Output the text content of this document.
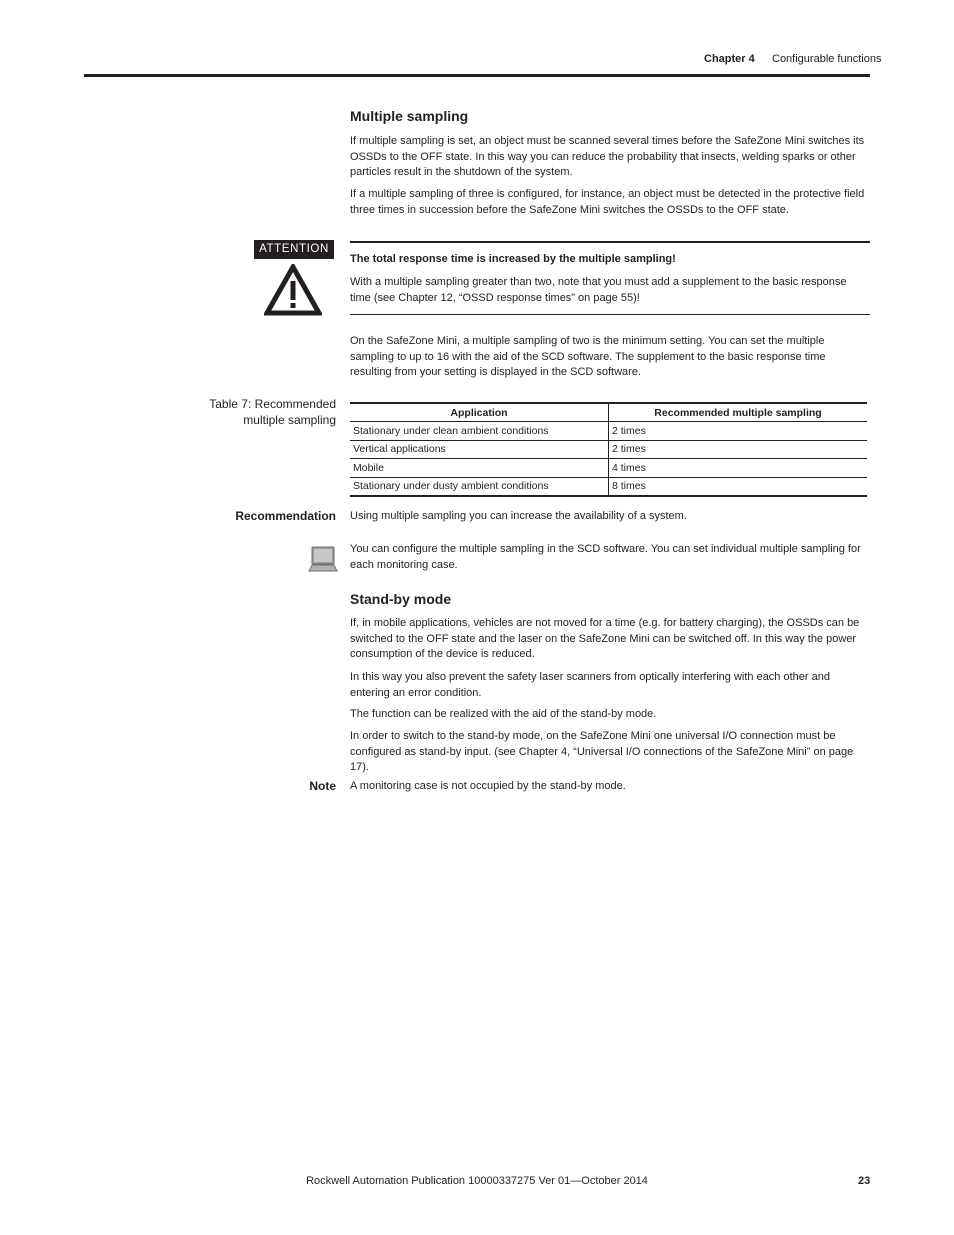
Chapter 4 Configurable functions
Multiple sampling

If multiple sampling is set, an object must be scanned several times before the SafeZone Mini switches its OSSDs to the OFF state. In this way you can reduce the probability that insects, welding sparks or other particles result in the shutdown of the system.

If a multiple sampling of three is configured, for instance, an object must be detected in the protective field three times in succession before the SafeZone Mini switches the OSSDs to the OFF state.

ATTENTION
The total response time is increased by the multiple sampling!

With a multiple sampling greater than two, note that you must add a supplement to the basic response time (see Chapter 12, “OSSD response times” on page 55)!

On the SafeZone Mini, a multiple sampling of two is the minimum setting. You can set the multiple sampling to up to 16 with the aid of the SCD software. The supplement to the basic response time resulting from your setting is displayed in the SCD software.

Table 7: Recommended
multiple sampling	Application	Recommended multiple sampling
Stationary under clean ambient conditions	2 times
Vertical applications	2 times
Mobile	4 times
Stationary under dusty ambient conditions	8 times
Recommendation Using multiple sampling you can increase the availability of a system.

You can configure the multiple sampling in the SCD software. You can set individual multiple sampling for each monitoring case.

Stand-by mode

If, in mobile applications, vehicles are not moved for a time (e.g. for battery charging), the OSSDs can be switched to the OFF state and the laser on the SafeZone Mini can be switched off. In this way the power consumption of the device is reduced.

In this way you also prevent the safety laser scanners from optically interfering with each other and entering an error condition.

The function can be realized with the aid of the stand-by mode.

In order to switch to the stand-by mode, on the SafeZone Mini one universal I/O connection must be configured as stand-by input. (see Chapter 4, “Universal I/O connections of the SafeZone Mini” on page 17).

Note A monitoring case is not occupied by the stand-by mode.

Rockwell Automation Publication 10000337275 Ver 01—October 2014	23
